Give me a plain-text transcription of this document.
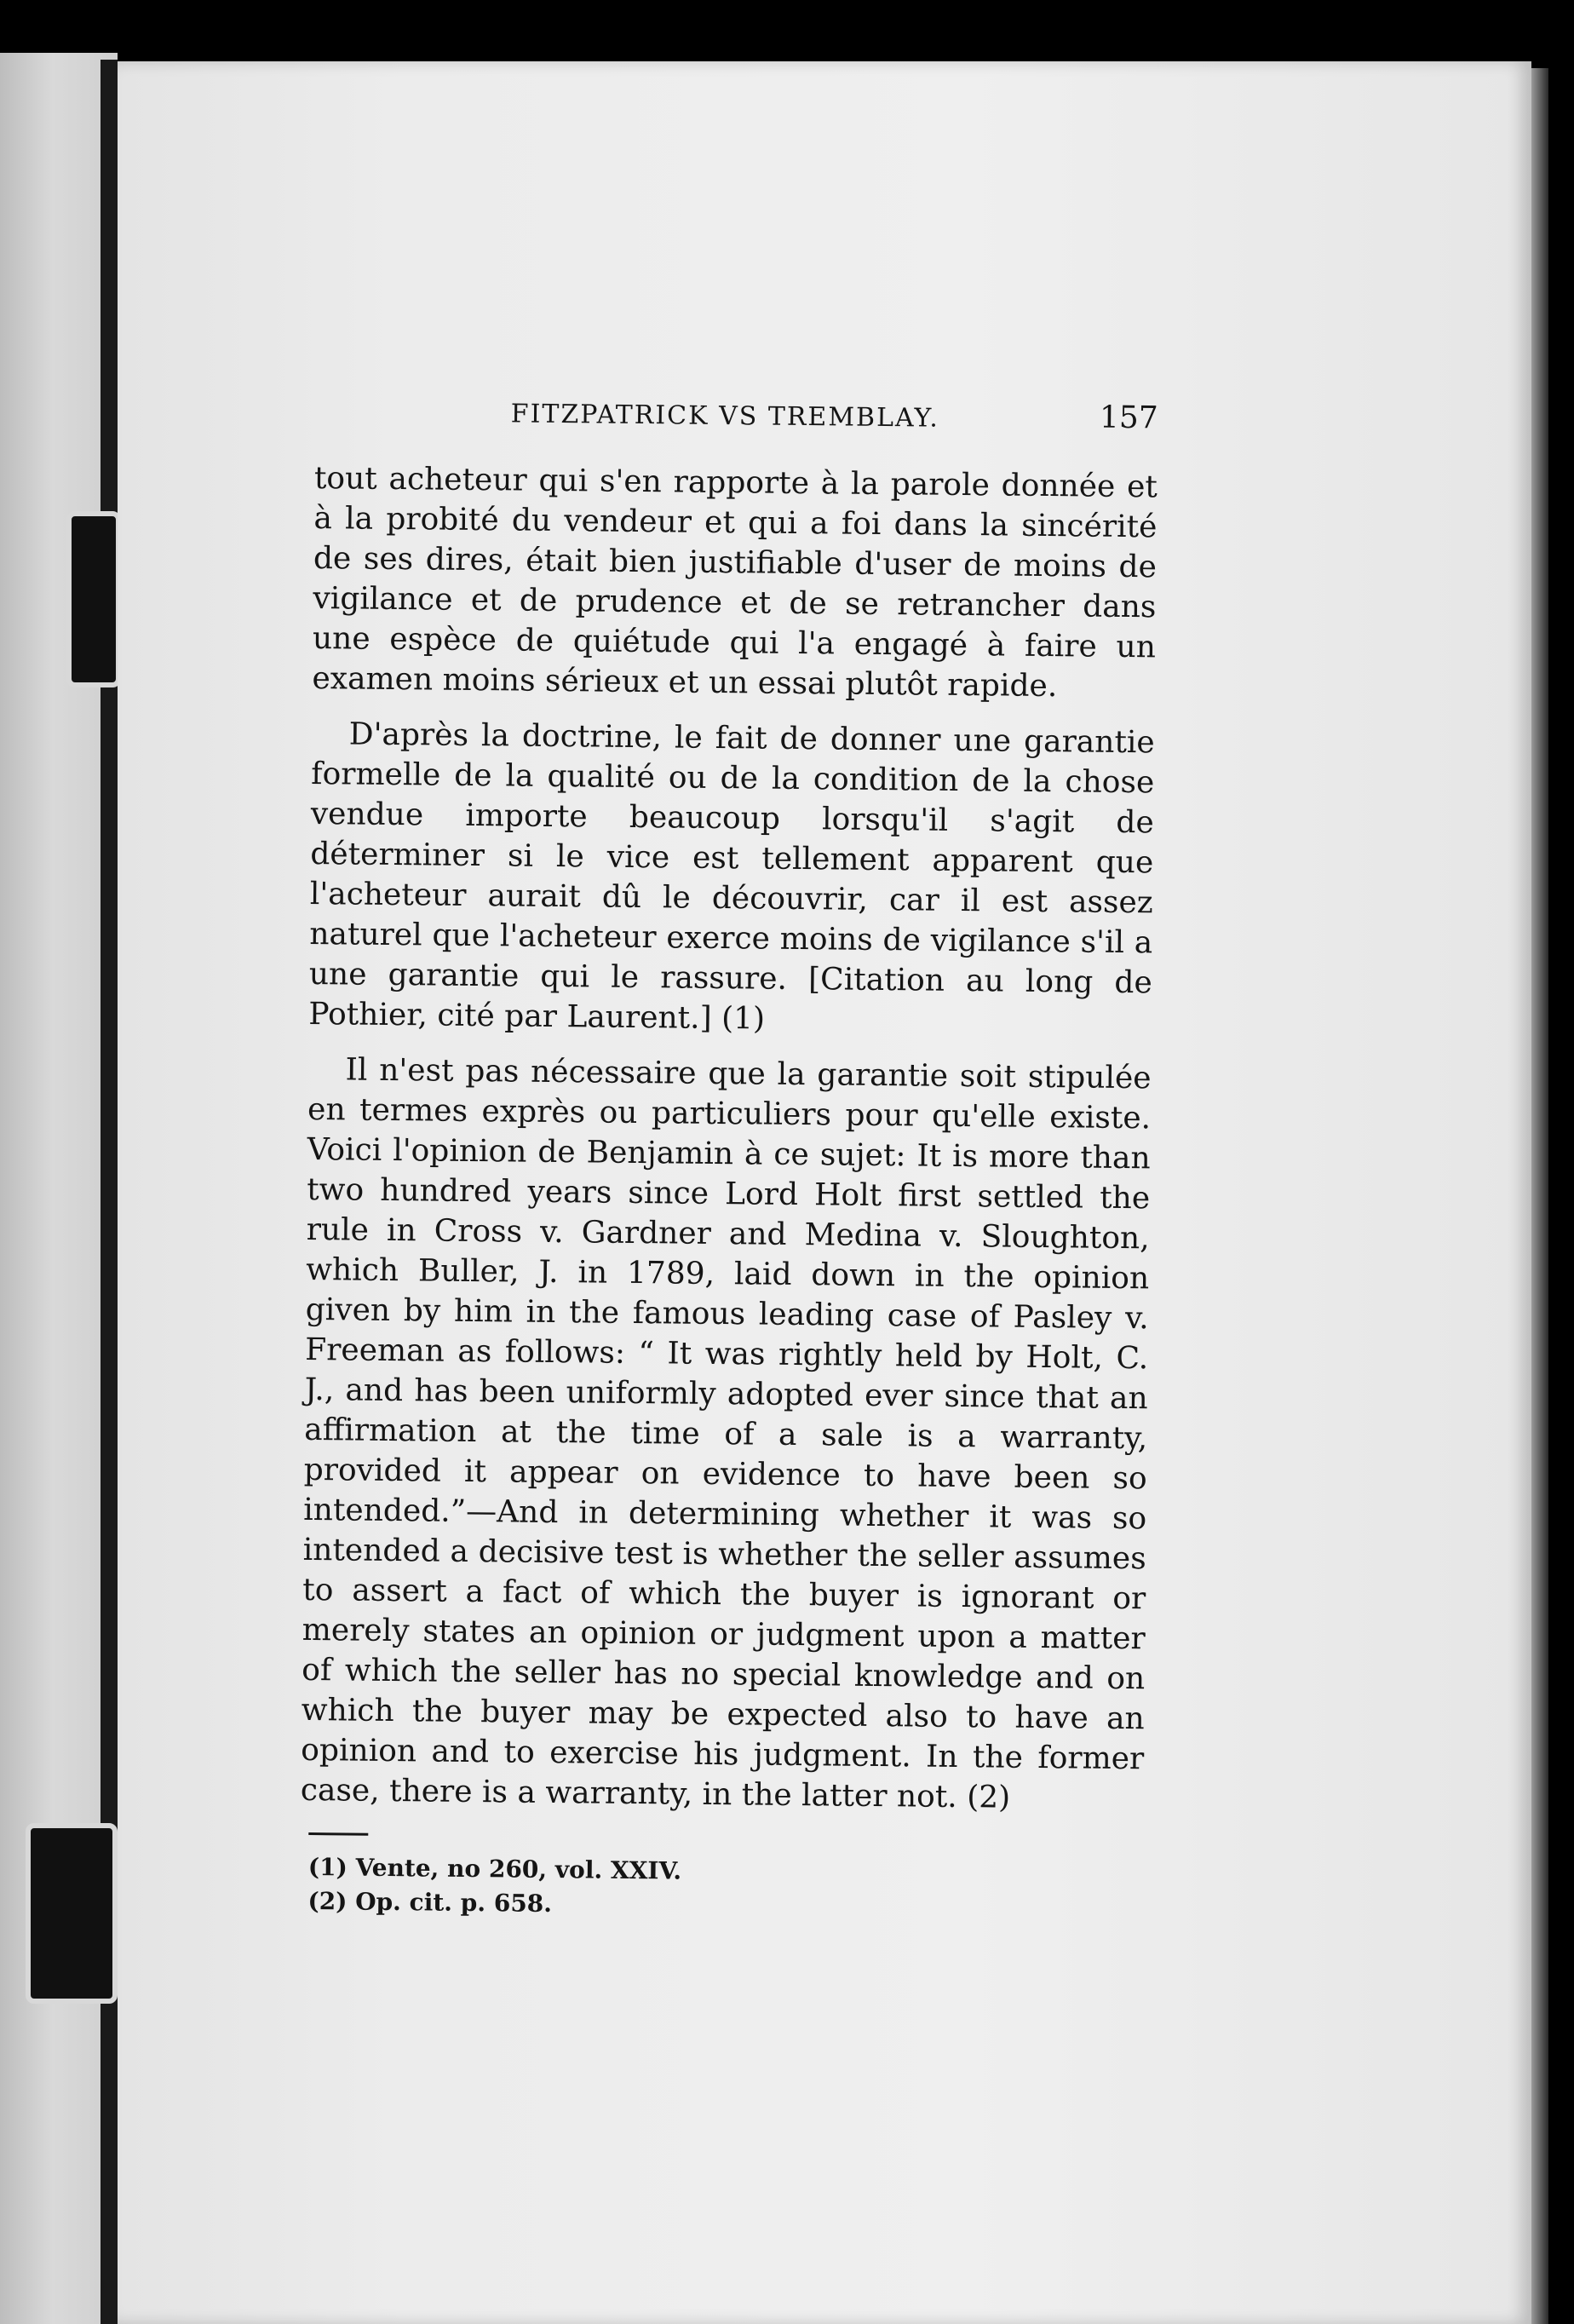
FITZPATRICK VS TREMBLAY.	157

tout acheteur qui s'en rapporte à la parole donnée et à la probité du vendeur et qui a foi dans la sincérité de ses dires, était bien justifiable d'user de moins de vigilance et de prudence et de se retrancher dans une espèce de quiétude qui l'a engagé à faire un examen moins sérieux et un essai plutôt rapide.

D'après la doctrine, le fait de donner une garantie formelle de la qualité ou de la condition de la chose vendue importe beaucoup lorsqu'il s'agit de déterminer si le vice est tellement apparent que l'acheteur aurait dû le découvrir, car il est assez naturel que l'acheteur exerce moins de vigilance s'il a une garantie qui le rassure. [Citation au long de Pothier, cité par Laurent.] (1)

Il n'est pas nécessaire que la garantie soit stipulée en termes exprès ou particuliers pour qu'elle existe. Voici l'opinion de Benjamin à ce sujet: It is more than two hundred years since Lord Holt first settled the rule in Cross v. Gardner and Medina v. Sloughton, which Buller, J. in 1789, laid down in the opinion given by him in the famous leading case of Pasley v. Freeman as follows: “ It was rightly held by Holt, C. J., and has been uniformly adopted ever since that an affirmation at the time of a sale is a warranty, provided it appear on evidence to have been so intended.”—And in determining whether it was so intended a decisive test is whether the seller assumes to assert a fact of which the buyer is ignorant or merely states an opinion or judgment upon a matter of which the seller has no special knowledge and on which the buyer may be expected also to have an opinion and to exercise his judgment. In the former case, there is a warranty, in the latter not. (2)

(1) Vente, no 260, vol. XXIV.
(2) Op. cit. p. 658.
